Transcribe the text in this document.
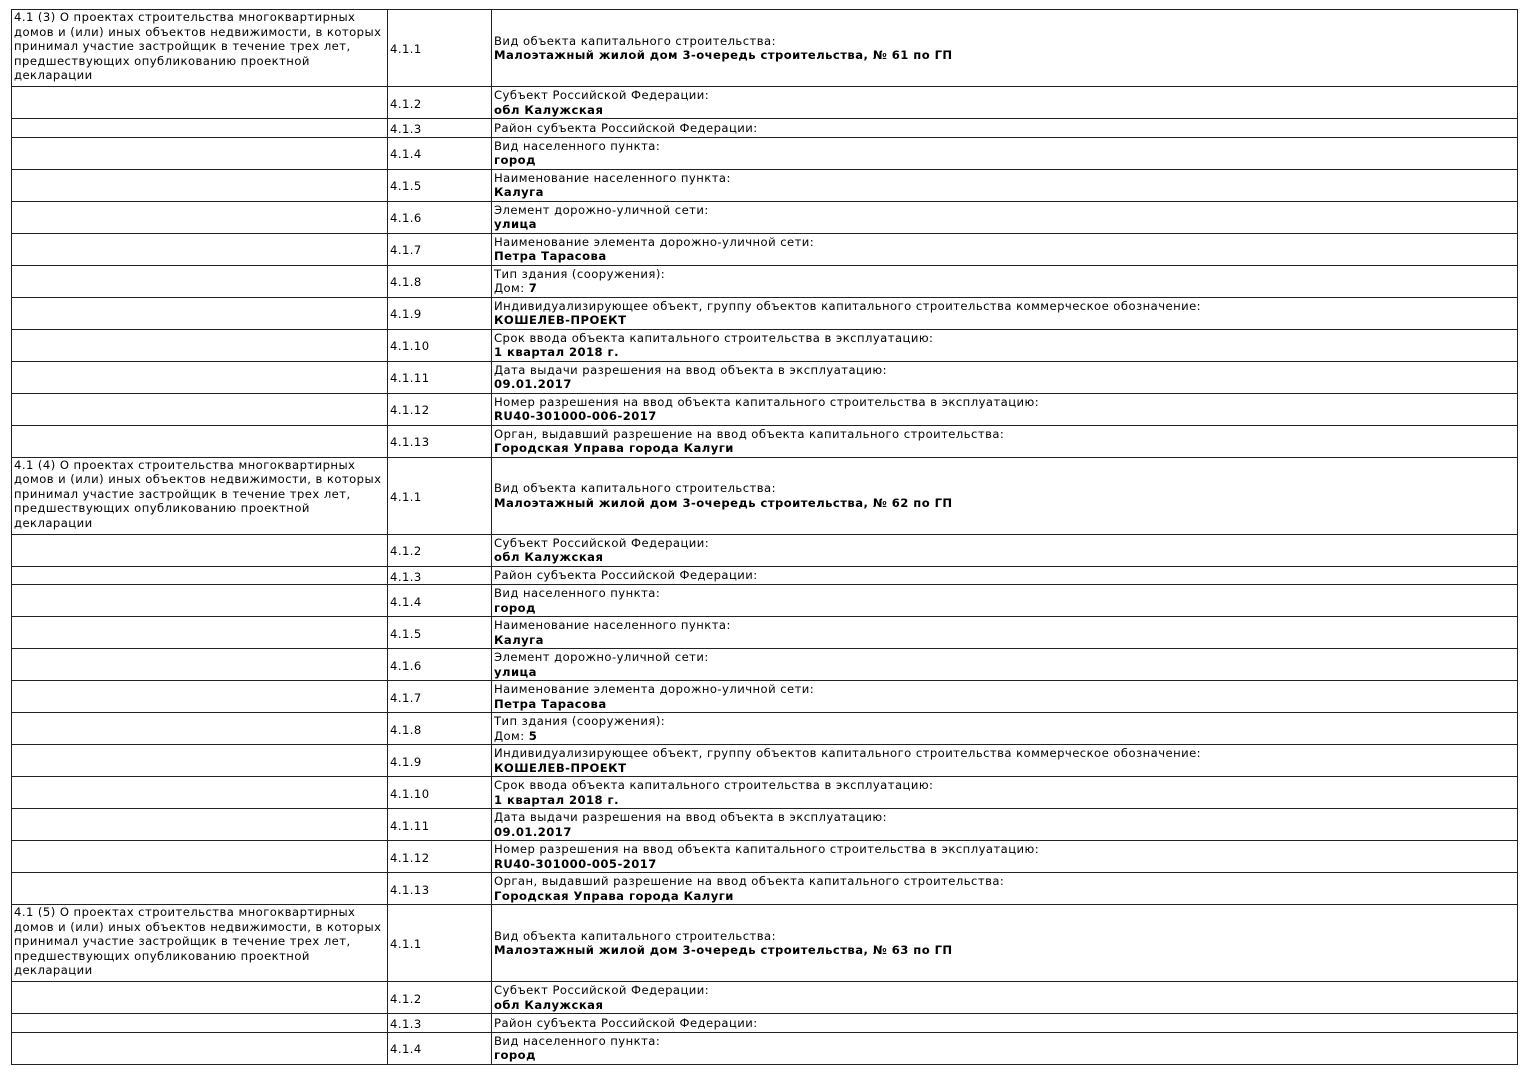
4.1 (3) О проектах строительства многоквартирных домов и (или) иных объектов недвижимости, в которых принимал участие застройщик в течение трех лет, предшествующих опубликованию проектной декларации	4.1.1	Вид объекта капитального строительства:
Малоэтажный жилой дом 3-очередь строительства, № 61 по ГП

	4.1.2	Субъект Российской Федерации:
обл Калужская

	4.1.3	Район субъекта Российской Федерации:

	4.1.4	Вид населенного пункта:
город

	4.1.5	Наименование населенного пункта:
Калуга

	4.1.6	Элемент дорожно-уличной сети:
улица

	4.1.7	Наименование элемента дорожно-уличной сети:
Петра Тарасова

	4.1.8	Тип здания (сооружения):
Дом: 7

	4.1.9	Индивидуализирующее объект, группу объектов капитального строительства коммерческое обозначение:
КОШЕЛЕВ-ПРОЕКТ

	4.1.10	Срок ввода объекта капитального строительства в эксплуатацию:
1 квартал 2018 г.

	4.1.11	Дата выдачи разрешения на ввод объекта в эксплуатацию:
09.01.2017

	4.1.12	Номер разрешения на ввод объекта капитального строительства в эксплуатацию:
RU40-301000-006-2017

	4.1.13	Орган, выдавший разрешение на ввод объекта капитального строительства:
Городская Управа города Калуги

4.1 (4) О проектах строительства многоквартирных домов и (или) иных объектов недвижимости, в которых принимал участие застройщик в течение трех лет, предшествующих опубликованию проектной декларации	4.1.1	Вид объекта капитального строительства:
Малоэтажный жилой дом 3-очередь строительства, № 62 по ГП

	4.1.2	Субъект Российской Федерации:
обл Калужская

	4.1.3	Район субъекта Российской Федерации:

	4.1.4	Вид населенного пункта:
город

	4.1.5	Наименование населенного пункта:
Калуга

	4.1.6	Элемент дорожно-уличной сети:
улица

	4.1.7	Наименование элемента дорожно-уличной сети:
Петра Тарасова

	4.1.8	Тип здания (сооружения):
Дом: 5

	4.1.9	Индивидуализирующее объект, группу объектов капитального строительства коммерческое обозначение:
КОШЕЛЕВ-ПРОЕКТ

	4.1.10	Срок ввода объекта капитального строительства в эксплуатацию:
1 квартал 2018 г.

	4.1.11	Дата выдачи разрешения на ввод объекта в эксплуатацию:
09.01.2017

	4.1.12	Номер разрешения на ввод объекта капитального строительства в эксплуатацию:
RU40-301000-005-2017

	4.1.13	Орган, выдавший разрешение на ввод объекта капитального строительства:
Городская Управа города Калуги

4.1 (5) О проектах строительства многоквартирных домов и (или) иных объектов недвижимости, в которых принимал участие застройщик в течение трех лет, предшествующих опубликованию проектной декларации	4.1.1	Вид объекта капитального строительства:
Малоэтажный жилой дом 3-очередь строительства, № 63 по ГП

	4.1.2	Субъект Российской Федерации:
обл Калужская

	4.1.3	Район субъекта Российской Федерации:

	4.1.4	Вид населенного пункта:
город
